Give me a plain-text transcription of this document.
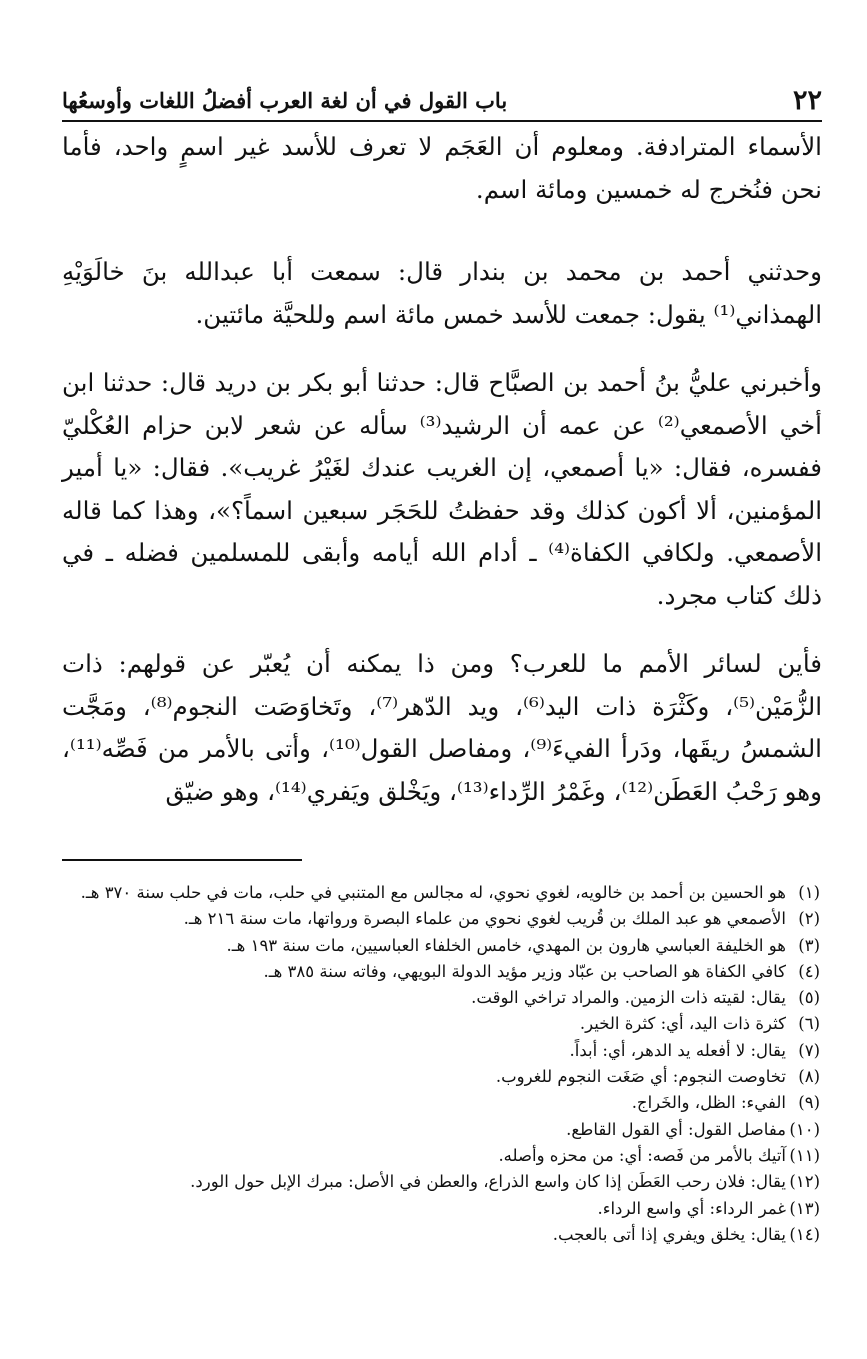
٢٢
باب القول في أن لغة العرب أفضلُ اللغات وأوسعُها

الأسماء المترادفة. ومعلوم أن العَجَم لا تعرف للأسد غير اسمٍ واحد، فأما نحن فنُخرج له خمسين ومائة اسم.

وحدثني أحمد بن محمد بن بندار قال: سمعت أبا عبدالله بنَ خالَوَيْهِ الهمذاني⁽¹⁾ يقول: جمعت للأسد خمس مائة اسم وللحيَّة مائتين.

وأخبرني عليُّ بنُ أحمد بن الصبَّاح قال: حدثنا أبو بكر بن دريد قال: حدثنا ابن أخي الأصمعي⁽²⁾ عن عمه أن الرشيد⁽³⁾ سأله عن شعر لابن حزام العُكْليّ ففسره، فقال: «يا أصمعي، إن الغريب عندك لغَيْرُ غريب». فقال: «يا أمير المؤمنين، ألا أكون كذلك وقد حفظتُ للحَجَر سبعين اسماً؟»، وهذا كما قاله الأصمعي. ولكافي الكفاة⁽⁴⁾ ـ أدام الله أيامه وأبقى للمسلمين فضله ـ في ذلك كتاب مجرد.

فأين لسائر الأمم ما للعرب؟ ومن ذا يمكنه أن يُعبّر عن قولهم: ذات الزُّمَيْن⁽⁵⁾، وكَثْرَة ذات اليد⁽⁶⁾، ويد الدّهر⁽⁷⁾، وتَخاوَصَت النجوم⁽⁸⁾، ومَجَّت الشمسُ ريقَها، ودَرأ الفيءَ⁽⁹⁾، ومفاصل القول⁽¹⁰⁾، وأتى بالأمر من فَصِّه⁽¹¹⁾، وهو رَحْبُ العَطَن⁽¹²⁾، وغَمْرُ الرِّداء⁽¹³⁾، ويَخْلق ويَفري⁽¹⁴⁾، وهو ضيّق

(١)
هو الحسين بن أحمد بن خالويه، لغوي نحوي، له مجالس مع المتنبي في حلب، مات في حلب سنة ٣٧٠ هـ.
(٢)
الأصمعي هو عبد الملك بن قُريب لغوي نحوي من علماء البصرة ورواتها، مات سنة ٢١٦ هـ.
(٣)
هو الخليفة العباسي هارون بن المهدي، خامس الخلفاء العباسيين، مات سنة ١٩٣ هـ.
(٤)
كافي الكفاة هو الصاحب بن عبّاد وزير مؤيد الدولة البويهي، وفاته سنة ٣٨٥ هـ.
(٥)
يقال: لقيته ذات الزمين. والمراد تراخي الوقت.
(٦)
كثرة ذات اليد، أي: كثرة الخير.
(٧)
يقال: لا أفعله يد الدهر، أي: أبداً.
(٨)
تخاوصت النجوم: أي صَغَت النجوم للغروب.
(٩)
الفيء: الظل، والخَراج.
(١٠)
مفاصل القول: أي القول القاطع.
(١١)
آتيك بالأمر من فَصه: أي: من محزه وأصله.
(١٢)
يقال: فلان رحب العَطَن إذا كان واسع الذراع، والعطن في الأصل: مبرك الإبل حول الورد.
(١٣)
غمر الرداء: أي واسع الرداء.
(١٤)
يقال: يخلق ويفري إذا أتى بالعجب.
